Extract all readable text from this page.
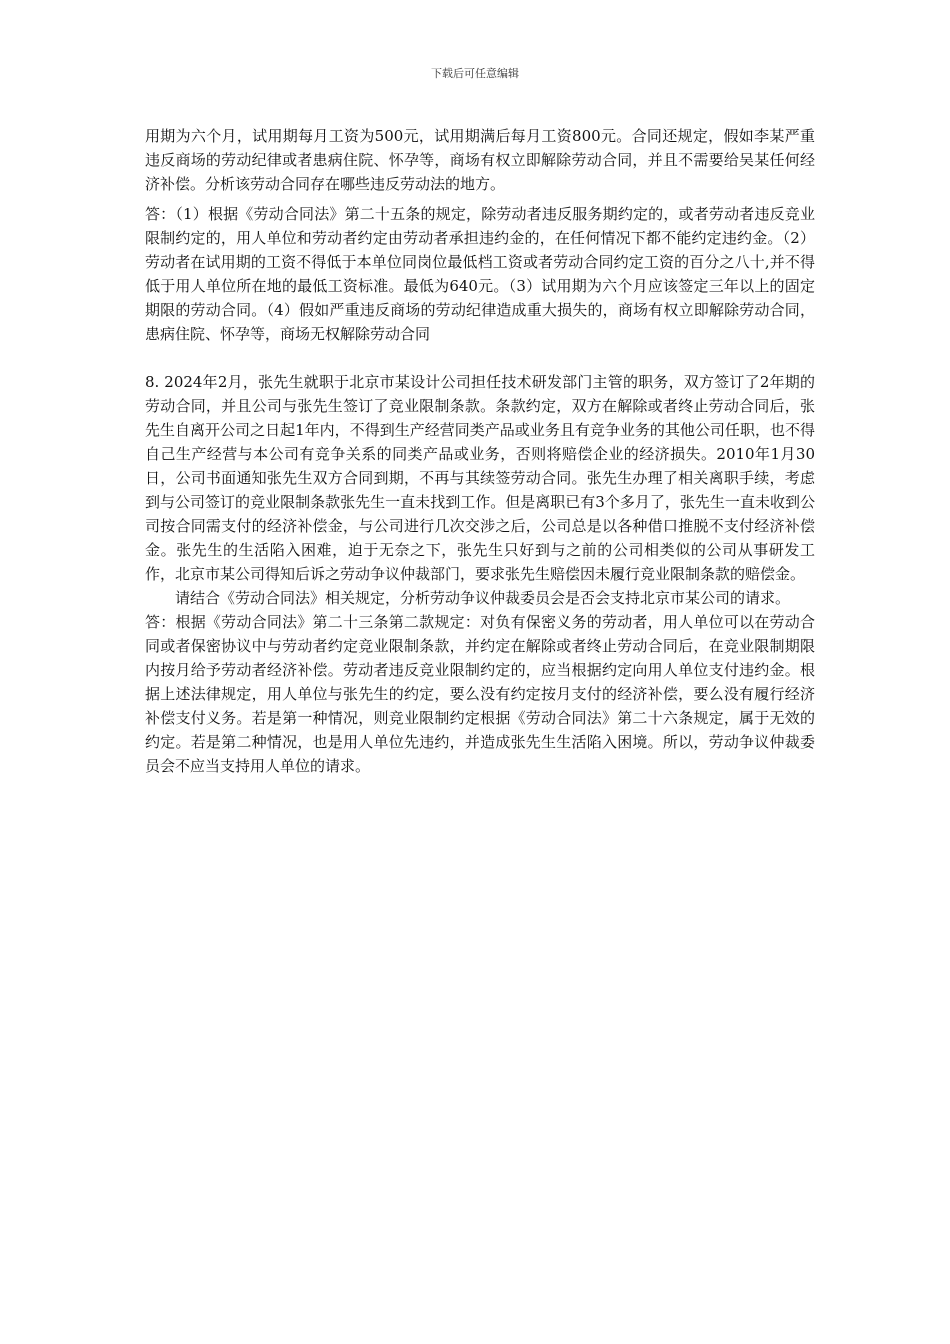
下载后可任意编辑

用期为六个月，试用期每月工资为500元，试用期满后每月工资800元。合同还规定，假如李某严重违反商场的劳动纪律或者患病住院、怀孕等，商场有权立即解除劳动合同，并且不需要给吴某任何经济补偿。分析该劳动合同存在哪些违反劳动法的地方。

答：（1）根据《劳动合同法》第二十五条的规定，除劳动者违反服务期约定的，或者劳动者违反竞业限制约定的，用人单位和劳动者约定由劳动者承担违约金的，在任何情况下都不能约定违约金。（2）劳动者在试用期的工资不得低于本单位同岗位最低档工资或者劳动合同约定工资的百分之八十,并不得低于用人单位所在地的最低工资标准。最低为640元。（3）试用期为六个月应该签定三年以上的固定期限的劳动合同。（4）假如严重违反商场的劳动纪律造成重大损失的，商场有权立即解除劳动合同，患病住院、怀孕等，商场无权解除劳动合同

8. 2024年2月，张先生就职于北京市某设计公司担任技术研发部门主管的职务，双方签订了2年期的劳动合同，并且公司与张先生签订了竞业限制条款。条款约定，双方在解除或者终止劳动合同后，张先生自离开公司之日起1年内，不得到生产经营同类产品或业务且有竞争业务的其他公司任职，也不得自己生产经营与本公司有竞争关系的同类产品或业务，否则将赔偿企业的经济损失。2010年1月30日，公司书面通知张先生双方合同到期，不再与其续签劳动合同。张先生办理了相关离职手续，考虑到与公司签订的竞业限制条款张先生一直未找到工作。但是离职已有3个多月了，张先生一直未收到公司按合同需支付的经济补偿金，与公司进行几次交涉之后，公司总是以各种借口推脱不支付经济补偿金。张先生的生活陷入困难，迫于无奈之下，张先生只好到与之前的公司相类似的公司从事研发工作，北京市某公司得知后诉之劳动争议仲裁部门，要求张先生赔偿因未履行竞业限制条款的赔偿金。

请结合《劳动合同法》相关规定，分析劳动争议仲裁委员会是否会支持北京市某公司的请求。

答：根据《劳动合同法》第二十三条第二款规定：对负有保密义务的劳动者，用人单位可以在劳动合同或者保密协议中与劳动者约定竞业限制条款，并约定在解除或者终止劳动合同后，在竞业限制期限内按月给予劳动者经济补偿。劳动者违反竞业限制约定的，应当根据约定向用人单位支付违约金。根据上述法律规定，用人单位与张先生的约定，要么没有约定按月支付的经济补偿，要么没有履行经济补偿支付义务。若是第一种情况，则竞业限制约定根据《劳动合同法》第二十六条规定，属于无效的约定。若是第二种情况，也是用人单位先违约，并造成张先生生活陷入困境。所以，劳动争议仲裁委员会不应当支持用人单位的请求。
